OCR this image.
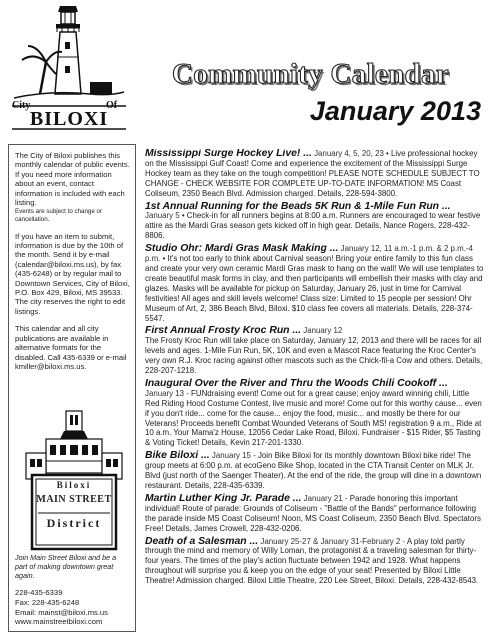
City	Of
BILOXI
Community Calendar
January 2013

The City of Biloxi publishes this monthly calendar of public events. If you need more information about an event, contact information is included with each listing.

Events are subject to change or cancellation.

If you have an item to submit, information is due by the 10th of the month. Send it by e-mail (calendar@biloxi.ms.us), by fax (435-6248) or by regular mail to Downtown Services, City of Biloxi, P.O. Box 429, Biloxi, MS 39533. The city reserves the right to edit listings.

This calendar and all city publications are available in alternative formats for the disabled. Call 435-6339 or e-mail kmiller@biloxi.ms.us.

Biloxi
MAIN STREET
District

Join Main Street Biloxi and be a part of making downtown great again.

228-435-6339
Fax: 228-435-6248
Email: mainst@biloxi.ms.us
www.mainstreetbiloxi.com
Mississippi Surge Hockey Live! ... January 4, 5, 20, 23 • Live professional hockey on the Mississippi Gulf Coast! Come and experience the excitement of the Mississippi Surge Hockey team as they take on the tough competition! PLEASE NOTE SCHEDULE SUBJECT TO CHANGE - CHECK WEBSITE FOR COMPLETE UP-TO-DATE INFORMATION! MS Coast Coliseum, 2350 Beach Blvd. Admission charged. Details, 228-594-3800.
1st Annual Running for the Beads 5K Run & 1-Mile Fun Run ...
January 5 • Check-in for all runners begins at 8:00 a.m. Runners are encouraged to wear festive attire as the Mardi Gras season gets kicked off in high gear. Details, Nance Rogers, 228-432-8806.
Studio Ohr: Mardi Gras Mask Making ... January 12, 11 a.m.-1 p.m. & 2 p.m.-4 p.m. • It's not too early to think about Carnival season! Bring your entire family to this fun class and create your very own ceramic Mardi Gras mask to hang on the wall! We will use templates to create beautiful mask forms in clay, and then participants will embellish their masks with clay and glazes. Masks will be available for pickup on Saturday, January 26, just in time for Carnival festivities! All ages and skill levels welcome! Class size: Limited to 15 people per session! Ohr Museum of Art, 2, 386 Beach Blvd, Biloxi. $10 class fee covers all materials. Details, 228-374-5547.
First Annual Frosty Kroc Run ... January 12
The Frosty Kroc Run will take place on Saturday, January 12, 2013 and there will be races for all levels and ages. 1-Mile Fun Run, 5K, 10K and even a Mascot Race featuring the Kroc Center's very own R.J. Kroc racing against other mascots such as the Chick-fil-a Cow and others. Details, 228-207-1218.
Inaugural Over the River and Thru the Woods Chili Cookoff ...
January 13 - FUNdraising event! Come out for a great cause; enjoy award winning chili, Little Red Riding Hood Costume Contest, live music and more! Come out for this worthy cause... even if you don't ride... come for the cause... enjoy the food, music... and mostly be there for our Veterans! Proceeds benefit Combat Wounded Veterans of South MS! registration 9 a.m., Ride at 10 a.m. Your Mama'z House, 12056 Cedar Lake Road, Biloxi. Fundraiser - $15 Rider, $5 Tasting & Voting Ticket! Details, Kevin 217-201-1330.
Bike Biloxi ... January 15 - Join Bike Biloxi for its monthly downtown Biloxi bike ride! The group meets at 6:00 p.m. at ecoGeno Bike Shop, located in the CTA Transit Center on MLK Jr. Blvd (just north of the Saenger Theater). At the end of the ride, the group will dine in a downtown restaurant. Details, 228-435-6339.
Martin Luther King Jr. Parade ... January 21 - Parade honoring this important individual! Route of parade: Grounds of Coliseum - "Battle of the Bands" performance following the parade inside MS Coast Coliseum! Noon, MS Coast Coliseum, 2350 Beach Blvd. Spectators Free! Details, James Crowell, 228-432-0206.
Death of a Salesman ... January 25-27 & January 31-February 2 · A play told partly through the mind and memory of Willy Loman, the protagonist & a traveling salesman for thirty-four years. The times of the play's action fluctuate between 1942 and 1928. What happens throughout will surprise you & keep you on the edge of your seat! Presented by Biloxi Little Theatre! Admission charged. Biloxi Little Theatre, 220 Lee Street, Biloxi. Details, 228-432-8543.
